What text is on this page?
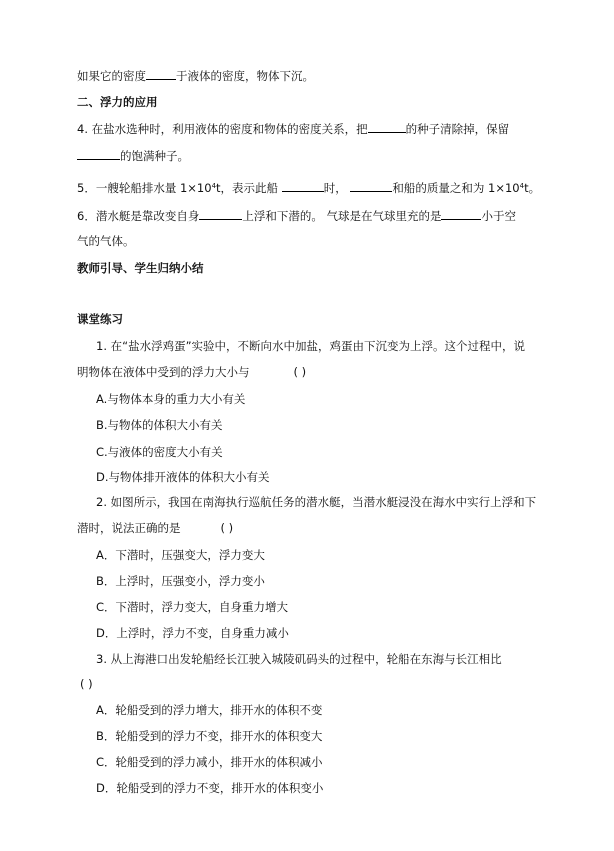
如果它的密度	于液体的密度，物体下沉。
二、浮力的应用
4. 在盐水选种时，利用液体的密度和物体的密度关系，把	的种子清除掉，保留
的饱满种子。
5．一艘轮船排水量 $1\times 10^4t$，表示此船	时，	和船的质量之和为 $1\times 10^4t$。
6．潜水艇是靠改变自身	上浮和下潜的。 气球是在气球里充的是	小于空
气的气体。
教师引导、学生归纳小结
课堂练习
1. 在“盐水浮鸡蛋”实验中，不断向水中加盐，鸡蛋由下沉变为上浮。这个过程中，说
明物体在液体中受到的浮力大小与	( )
A.与物体本身的重力大小有关
B.与物体的体积大小有关
C.与液体的密度大小有关
D.与物体排开液体的体积大小有关
2. 如图所示，我国在南海执行巡航任务的潜水艇，当潜水艇浸没在海水中实行上浮和下
潜时，说法正确的是	( )
A．下潜时，压强变大，浮力变大
B．上浮时，压强变小，浮力变小
C．下潜时，浮力变大，自身重力增大
D．上浮时，浮力不变，自身重力减小
3. 从上海港口出发轮船经长江驶入城陵矶码头的过程中，轮船在东海与长江相比
( )
A．轮船受到的浮力增大，排开水的体积不变
B．轮船受到的浮力不变，排开水的体积变大
C．轮船受到的浮力减小，排开水的体积减小
D．轮船受到的浮力不变，排开水的体积变小
